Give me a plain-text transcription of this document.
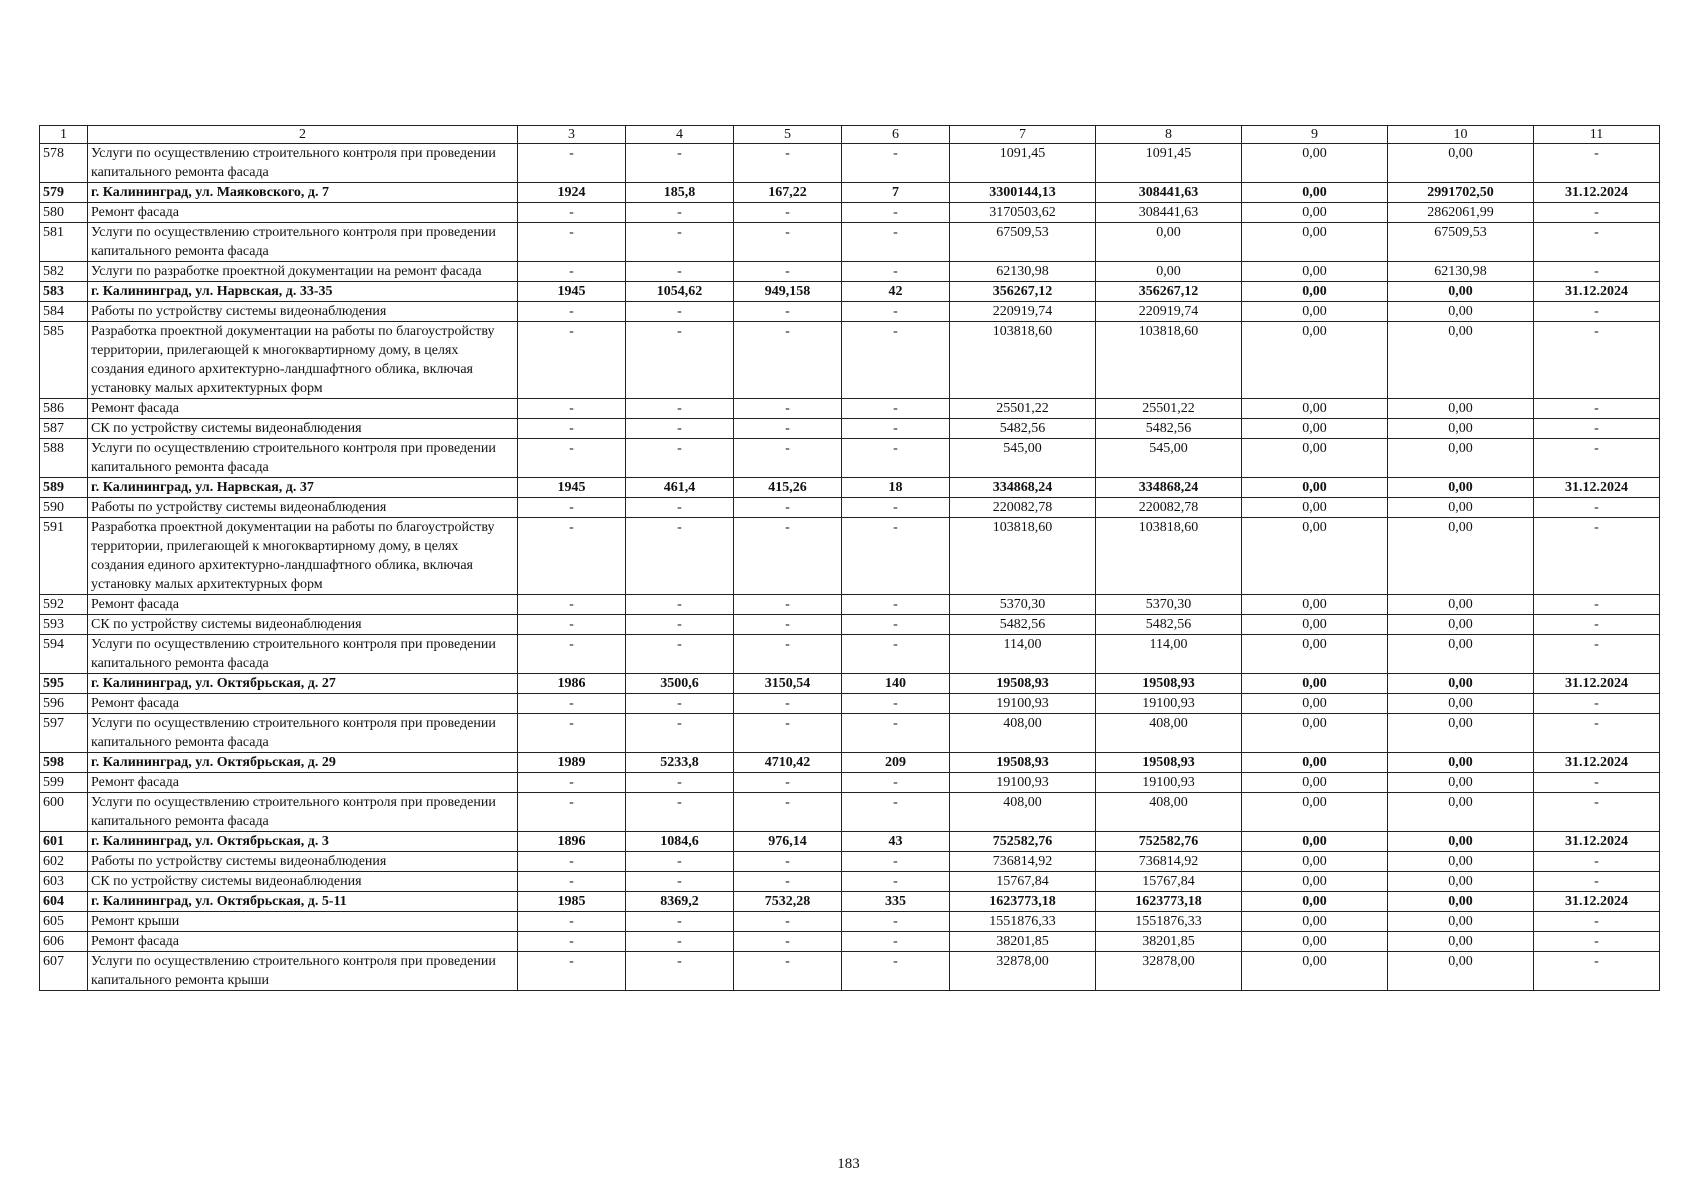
1	2	3	4	5	6	7	8	9	10	11
578	Услуги по осуществлению строительного контроля при проведении капитального ремонта фасада	-	-	-	-	1091,45	1091,45	0,00	0,00	-
579	г. Калининград, ул. Маяковского, д. 7	1924	185,8	167,22	7	3300144,13	308441,63	0,00	2991702,50	31.12.2024
580	Ремонт фасада	-	-	-	-	3170503,62	308441,63	0,00	2862061,99	-
581	Услуги по осуществлению строительного контроля при проведении капитального ремонта фасада	-	-	-	-	67509,53	0,00	0,00	67509,53	-
582	Услуги по разработке проектной документации на ремонт фасада	-	-	-	-	62130,98	0,00	0,00	62130,98	-
583	г. Калининград, ул. Нарвская, д. 33-35	1945	1054,62	949,158	42	356267,12	356267,12	0,00	0,00	31.12.2024
584	Работы по устройству системы видеонаблюдения	-	-	-	-	220919,74	220919,74	0,00	0,00	-
585	Разработка проектной документации на работы по благоустройству территории, прилегающей к многоквартирному дому, в целях создания единого архитектурно-ландшафтного облика, включая установку малых архитектурных форм	-	-	-	-	103818,60	103818,60	0,00	0,00	-
586	Ремонт фасада	-	-	-	-	25501,22	25501,22	0,00	0,00	-
587	СК по устройству системы видеонаблюдения	-	-	-	-	5482,56	5482,56	0,00	0,00	-
588	Услуги по осуществлению строительного контроля при проведении капитального ремонта фасада	-	-	-	-	545,00	545,00	0,00	0,00	-
589	г. Калининград, ул. Нарвская, д. 37	1945	461,4	415,26	18	334868,24	334868,24	0,00	0,00	31.12.2024
590	Работы по устройству системы видеонаблюдения	-	-	-	-	220082,78	220082,78	0,00	0,00	-
591	Разработка проектной документации на работы по благоустройству территории, прилегающей к многоквартирному дому, в целях создания единого архитектурно-ландшафтного облика, включая установку малых архитектурных форм	-	-	-	-	103818,60	103818,60	0,00	0,00	-
592	Ремонт фасада	-	-	-	-	5370,30	5370,30	0,00	0,00	-
593	СК по устройству системы видеонаблюдения	-	-	-	-	5482,56	5482,56	0,00	0,00	-
594	Услуги по осуществлению строительного контроля при проведении капитального ремонта фасада	-	-	-	-	114,00	114,00	0,00	0,00	-
595	г. Калининград, ул. Октябрьская, д. 27	1986	3500,6	3150,54	140	19508,93	19508,93	0,00	0,00	31.12.2024
596	Ремонт фасада	-	-	-	-	19100,93	19100,93	0,00	0,00	-
597	Услуги по осуществлению строительного контроля при проведении капитального ремонта фасада	-	-	-	-	408,00	408,00	0,00	0,00	-
598	г. Калининград, ул. Октябрьская, д. 29	1989	5233,8	4710,42	209	19508,93	19508,93	0,00	0,00	31.12.2024
599	Ремонт фасада	-	-	-	-	19100,93	19100,93	0,00	0,00	-
600	Услуги по осуществлению строительного контроля при проведении капитального ремонта фасада	-	-	-	-	408,00	408,00	0,00	0,00	-
601	г. Калининград, ул. Октябрьская, д. 3	1896	1084,6	976,14	43	752582,76	752582,76	0,00	0,00	31.12.2024
602	Работы по устройству системы видеонаблюдения	-	-	-	-	736814,92	736814,92	0,00	0,00	-
603	СК по устройству системы видеонаблюдения	-	-	-	-	15767,84	15767,84	0,00	0,00	-
604	г. Калининград, ул. Октябрьская, д. 5-11	1985	8369,2	7532,28	335	1623773,18	1623773,18	0,00	0,00	31.12.2024
605	Ремонт крыши	-	-	-	-	1551876,33	1551876,33	0,00	0,00	-
606	Ремонт фасада	-	-	-	-	38201,85	38201,85	0,00	0,00	-
607	Услуги по осуществлению строительного контроля при проведении капитального ремонта крыши	-	-	-	-	32878,00	32878,00	0,00	0,00	-
183
